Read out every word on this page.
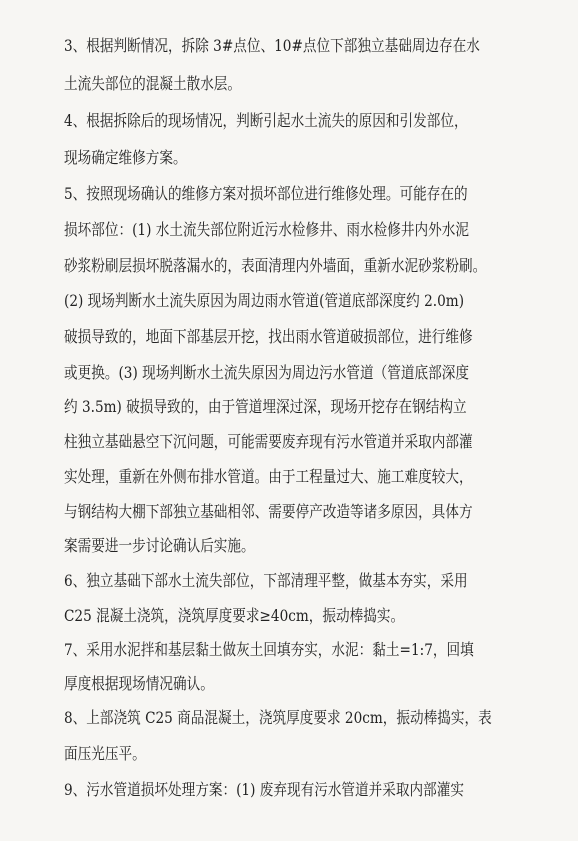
3、根据判断情况，拆除 3#点位、10#点位下部独立基础周边存在水
土流失部位的混凝土散水层。
4、根据拆除后的现场情况，判断引起水土流失的原因和引发部位，
现场确定维修方案。
5、按照现场确认的维修方案对损坏部位进行维修处理。可能存在的
损坏部位：(1) 水土流失部位附近污水检修井、雨水检修井内外水泥
砂浆粉刷层损坏脱落漏水的，表面清理内外墙面，重新水泥砂浆粉刷。
(2) 现场判断水土流失原因为周边雨水管道(管道底部深度约 2.0m)
破损导致的，地面下部基层开挖，找出雨水管道破损部位，进行维修
或更换。(3) 现场判断水土流失原因为周边污水管道（管道底部深度
约 3.5m) 破损导致的，由于管道埋深过深，现场开挖存在钢结构立
柱独立基础悬空下沉问题，可能需要废弃现有污水管道并采取内部灌
实处理，重新在外侧布排水管道。由于工程量过大、施工难度较大，
与钢结构大棚下部独立基础相邻、需要停产改造等诸多原因，具体方
案需要进一步讨论确认后实施。
6、独立基础下部水土流失部位，下部清理平整，做基本夯实，采用
C25 混凝土浇筑，浇筑厚度要求≥40cm，振动棒捣实。
7、采用水泥拌和基层黏土做灰土回填夯实，水泥：黏土=1:7，回填
厚度根据现场情况确认。
8、上部浇筑 C25 商品混凝土，浇筑厚度要求 20cm，振动棒捣实，表
面压光压平。
9、污水管道损坏处理方案：(1) 废弃现有污水管道并采取内部灌实
